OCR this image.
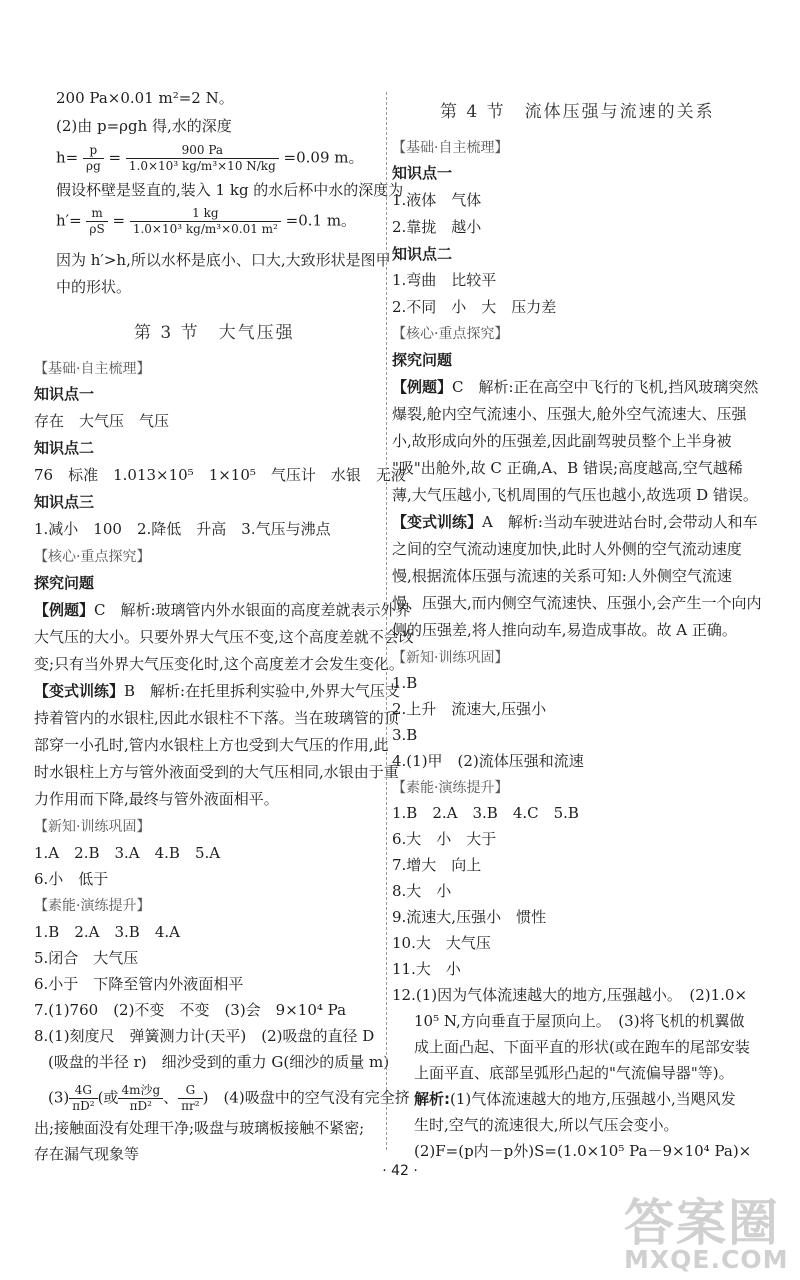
200 Pa×0.01 m²=2 N。
(2)由 p=ρgh 得,水的深度
$h= \frac{p}{\rho g} = \frac{900 Pa}{\text{1.0×10³ kg/m³×10 N/kg}} =0.09$ m。
假设杯壁是竖直的,装入 1 kg 的水后杯中水的深度为
$h'= \frac{m}{\rho S} = \frac{1 kg}{\text{1.0×10³ kg/m³×0.01 m²}} =0.1$ m。
因为 h′>h,所以水杯是底小、口大,大致形状是图甲
中的形状。
第 3 节　大气压强
【基础·自主梳理】
知识点一
存在　大气压　气压
知识点二
76　标准　1.013×10⁵　1×10⁵　气压计　水银　无液
知识点三
1.减小　100　2.降低　升高　3.气压与沸点
【核心·重点探究】
探究问题
【例题】C　解析:玻璃管内外水银面的高度差就表示外界
大气压的大小。只要外界大气压不变,这个高度差就不会改
变;只有当外界大气压变化时,这个高度差才会发生变化。
【变式训练】B　解析:在托里拆利实验中,外界大气压支
持着管内的水银柱,因此水银柱不下落。当在玻璃管的顶
部穿一小孔时,管内水银柱上方也受到大气压的作用,此
时水银柱上方与管外液面受到的大气压相同,水银由于重
力作用而下降,最终与管外液面相平。
【新知·训练巩固】
1.A　2.B　3.A　4.B　5.A
6.小　低于
【素能·演练提升】
1.B　2.A　3.B　4.A
5.闭合　大气压
6.小于　下降至管内外液面相平
7.(1)760　(2)不变　不变　(3)会　9×10⁴ Pa
8.(1)刻度尺　弹簧测力计(天平)　(2)吸盘的直径 D
(吸盘的半径 r)　细沙受到的重力 G(细沙的质量 m)
$(3) \frac{4G}{\text{πD²}}$ (或 $\frac{\text{4m沙g}}{\text{πD²}}$ 、 $\frac{G}{\text{πr²}}$ )　(4)吸盘中的空气没有完全挤
出;接触面没有处理干净;吸盘与玻璃板接触不紧密;
存在漏气现象等
第 4 节　流体压强与流速的关系
【基础·自主梳理】
知识点一
1.液体　气体
2.靠拢　越小
知识点二
1.弯曲　比较平
2.不同　小　大　压力差
【核心·重点探究】
探究问题
【例题】C　解析:正在高空中飞行的飞机,挡风玻璃突然
爆裂,舱内空气流速小、压强大,舱外空气流速大、压强
小,故形成向外的压强差,因此副驾驶员整个上半身被
"吸"出舱外,故 C 正确,A、B 错误;高度越高,空气越稀
薄,大气压越小,飞机周围的气压也越小,故选项 D 错误。
【变式训练】A　解析:当动车驶进站台时,会带动人和车
之间的空气流动速度加快,此时人外侧的空气流动速度
慢,根据流体压强与流速的关系可知:人外侧空气流速
慢、压强大,而内侧空气流速快、压强小,会产生一个向内
侧的压强差,将人推向动车,易造成事故。故 A 正确。
【新知·训练巩固】
1.B
2.上升　流速大,压强小
3.B
4.(1)甲　(2)流体压强和流速
【素能·演练提升】
1.B　2.A　3.B　4.C　5.B
6.大　小　大于
7.增大　向上
8.大　小
9.流速大,压强小　惯性
10.大　大气压
11.大　小
12.(1)因为气体流速越大的地方,压强越小。　(2)1.0×
10⁵ N,方向垂直于屋顶向上。　(3)将飞机的机翼做
成上面凸起、下面平直的形状(或在跑车的尾部安装
上面平直、底部呈弧形凸起的"气流偏导器"等)。
解析:(1)气体流速越大的地方,压强越小,当飓风发
生时,空气的流速很大,所以气压会变小。
(2)F=(p内－p外)S=(1.0×10⁵ Pa－9×10⁴ Pa)×
· 42 ·
答案圈
MXQE.COM
